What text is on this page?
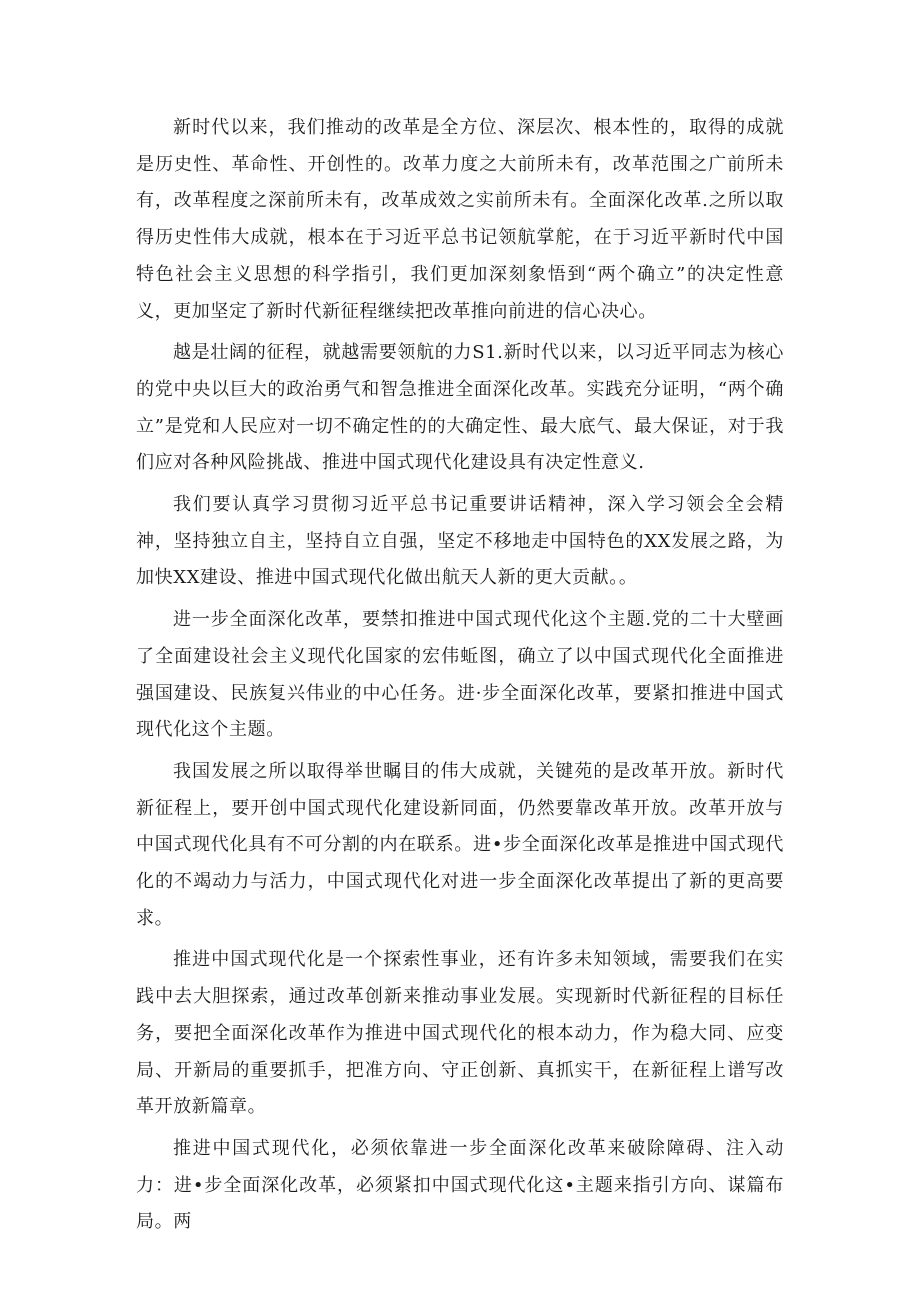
新时代以来，我们推动的改革是全方位、深层次、根本性的，取得的成就是历史性、革命性、开创性的。改革力度之大前所未有，改革范围之广前所未有，改革程度之深前所未有，改革成效之实前所未有。全面深化改革.之所以取得历史性伟大成就，根本在于习近平总书记领航掌舵，在于习近平新时代中国特色社会主义思想的科学指引，我们更加深刻象悟到“两个确立”的决定性意义，更加坚定了新时代新征程继续把改革推向前进的信心决心。

越是壮阔的征程，就越需要领航的力S1.新时代以来，以习近平同志为核心的党中央以巨大的政治勇气和智急推进全面深化改革。实践充分证明，“两个确立”是党和人民应对一切不确定性的的大确定性、最大底气、最大保证，对于我们应对各种风险挑战、推进中国式现代化建设具有决定性意义.

我们要认真学习贯彻习近平总书记重要讲话精神，深入学习领会全会精神，坚持独立自主，坚持自立自强，坚定不移地走中国特色的XX发展之路，为加快XX建设、推进中国式现代化做出航天人新的更大贡献。。

进一步全面深化改革，要禁扣推进中国式现代化这个主题.党的二十大壁画了全面建设社会主义现代化国家的宏伟蚯图，确立了以中国式现代化全面推进强国建设、民族复兴伟业的中心任务。进·步全面深化改革，要紧扣推进中国式现代化这个主题。

我国发展之所以取得举世瞩目的伟大成就，关键苑的是改革开放。新时代新征程上，要开创中国式现代化建设新同面，仍然要靠改革开放。改革开放与中国式现代化具有不可分割的内在联系。进•步全面深化改革是推进中国式现代化的不竭动力与活力，中国式现代化对进一步全面深化改革提出了新的更高要求。

推进中国式现代化是一个探索性事业，还有许多未知领域，需要我们在实践中去大胆探索，通过改革创新来推动事业发展。实现新时代新征程的目标任务，要把全面深化改革作为推进中国式现代化的根本动力，作为稳大同、应变局、开新局的重要抓手，把准方向、守正创新、真抓实干，在新征程上谱写改革开放新篇章。

推进中国式现代化，必须依靠进一步全面深化改革来破除障碍、注入动力：进•步全面深化改革，必须紧扣中国式现代化这•主题来指引方向、谋篇布局。两
